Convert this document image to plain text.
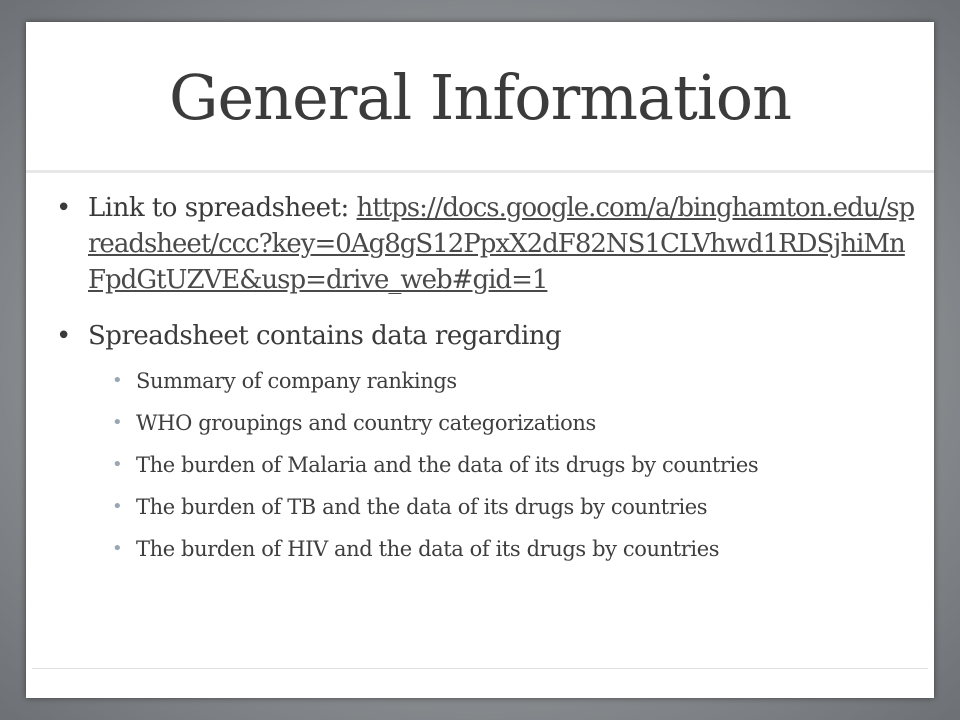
General Information
• Link to spreadsheet: https://docs.google.com/a/binghamton.edu/spreadsheet/ccc?key=0Ag8gS12PpxX2dF82NS1CLVhwd1RDSjhiMnFpdGtUZVE&usp=drive_web#gid=1
• Spreadsheet contains data regarding
• Summary of company rankings
• WHO groupings and country categorizations
• The burden of Malaria and the data of its drugs by countries
• The burden of TB and the data of its drugs by countries
• The burden of HIV and the data of its drugs by countries
